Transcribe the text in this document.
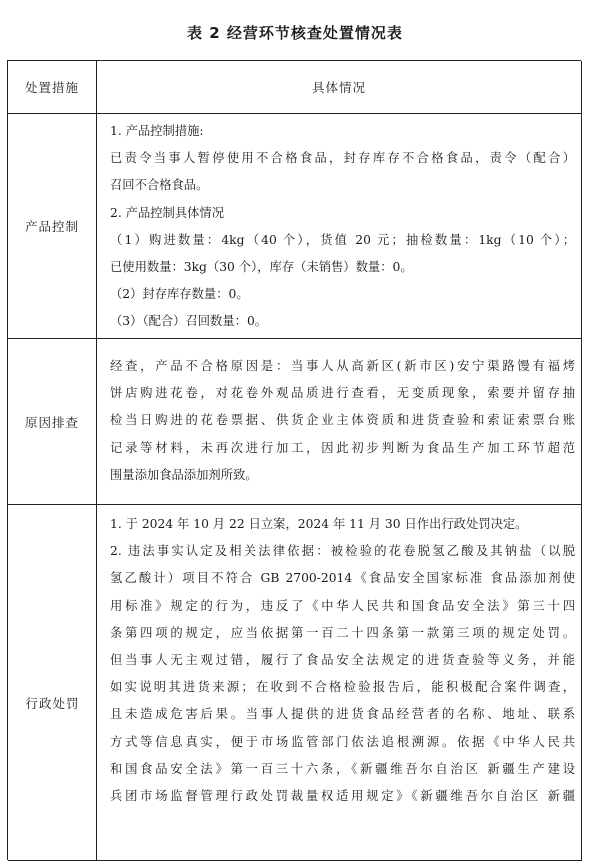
表 2 经营环节核查处置情况表
处置措施	具体情况
产品控制

1. 产品控制措施:

已责令当事人暂停使用不合格食品，封存库存不合格食品，责令（配合）

召回不合格食品。

2. 产品控制具体情况

（1）购进数量：4kg（40 个），货值 20 元；抽检数量：1kg（10 个）；

已使用数量：3kg（30 个），库存（未销售）数量：0。

（2）封存库存数量：0。

（3）（配合）召回数量：0。

原因排查

经查，产品不合格原因是：当事人从高新区(新市区)安宁渠路馒有福烤

饼店购进花卷，对花卷外观品质进行查看，无变质现象，索要并留存抽

检当日购进的花卷票据、供货企业主体资质和进货查验和索证索票台账

记录等材料，未再次进行加工，因此初步判断为食品生产加工环节超范

围量添加食品添加剂所致。

行政处罚

1. 于 2024 年 10 月 22 日立案，2024 年 11 月 30 日作出行政处罚决定。

2. 违法事实认定及相关法律依据：被检验的花卷脱氢乙酸及其钠盐（以脱

氢乙酸计）项目不符合 GB 2700-2014《食品安全国家标准 食品添加剂使

用标准》规定的行为，违反了《中华人民共和国食品安全法》第三十四

条第四项的规定，应当依据第一百二十四条第一款第三项的规定处罚。

但当事人无主观过错，履行了食品安全法规定的进货查验等义务，并能

如实说明其进货来源；在收到不合格检验报告后，能积极配合案件调查，

且未造成危害后果。当事人提供的进货食品经营者的名称、地址、联系

方式等信息真实，便于市场监管部门依法追根溯源。依据《中华人民共

和国食品安全法》第一百三十六条，《新疆维吾尔自治区 新疆生产建设

兵团市场监督管理行政处罚裁量权适用规定》《新疆维吾尔自治区 新疆
